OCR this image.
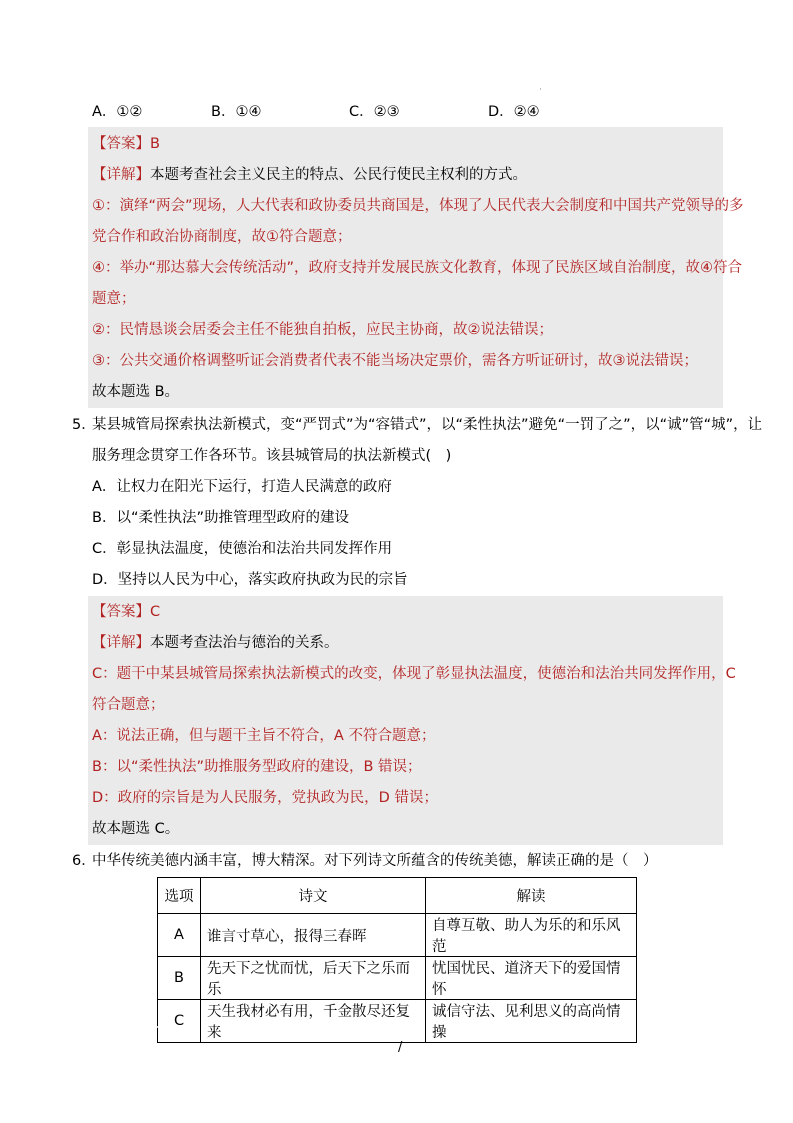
A．①②	B．①④	C．②③	D．②④
【答案】B
【详解】本题考查社会主义民主的特点、公民行使民主权利的方式。
①：演绎“两会”现场，人大代表和政协委员共商国是，体现了人民代表大会制度和中国共产党领导的多
党合作和政治协商制度，故①符合题意；
④：举办“那达慕大会传统活动”，政府支持并发展民族文化教育，体现了民族区域自治制度，故④符合
题意；
②：民情恳谈会居委会主任不能独自拍板，应民主协商，故②说法错误；
③：公共交通价格调整听证会消费者代表不能当场决定票价，需各方听证研讨，故③说法错误；
故本题选 B。
5．
某县城管局探索执法新模式，变“严罚式”为“容错式”，以“柔性执法”避免“一罚了之”，以“诚”管“城”，让
服务理念贯穿工作各环节。该县城管局的执法新模式(　)
A．让权力在阳光下运行，打造人民满意的政府
B．以“柔性执法”助推管理型政府的建设
C．彰显执法温度，使德治和法治共同发挥作用
D．坚持以人民为中心，落实政府执政为民的宗旨
【答案】C
【详解】本题考查法治与德治的关系。
C：题干中某县城管局探索执法新模式的改变，体现了彰显执法温度，使德治和法治共同发挥作用，C
符合题意；
A：说法正确，但与题干主旨不符合，A 不符合题意；
B：以“柔性执法”助推服务型政府的建设，B 错误；
D：政府的宗旨是为人民服务，党执政为民，D 错误；
故本题选 C。
6．
中华传统美德内涵丰富，博大精深。对下列诗文所蕴含的传统美德，解读正确的是（　）
选项	诗文	解读
A	谁言寸草心，报得三春晖	自尊互敬、助人为乐的和乐风范
B	先天下之忧而忧，后天下之乐而乐	忧国忧民、道济天下的爱国情怀
C	天生我材必有用，千金散尽还复来	诚信守法、见利思义的高尚情操
/
